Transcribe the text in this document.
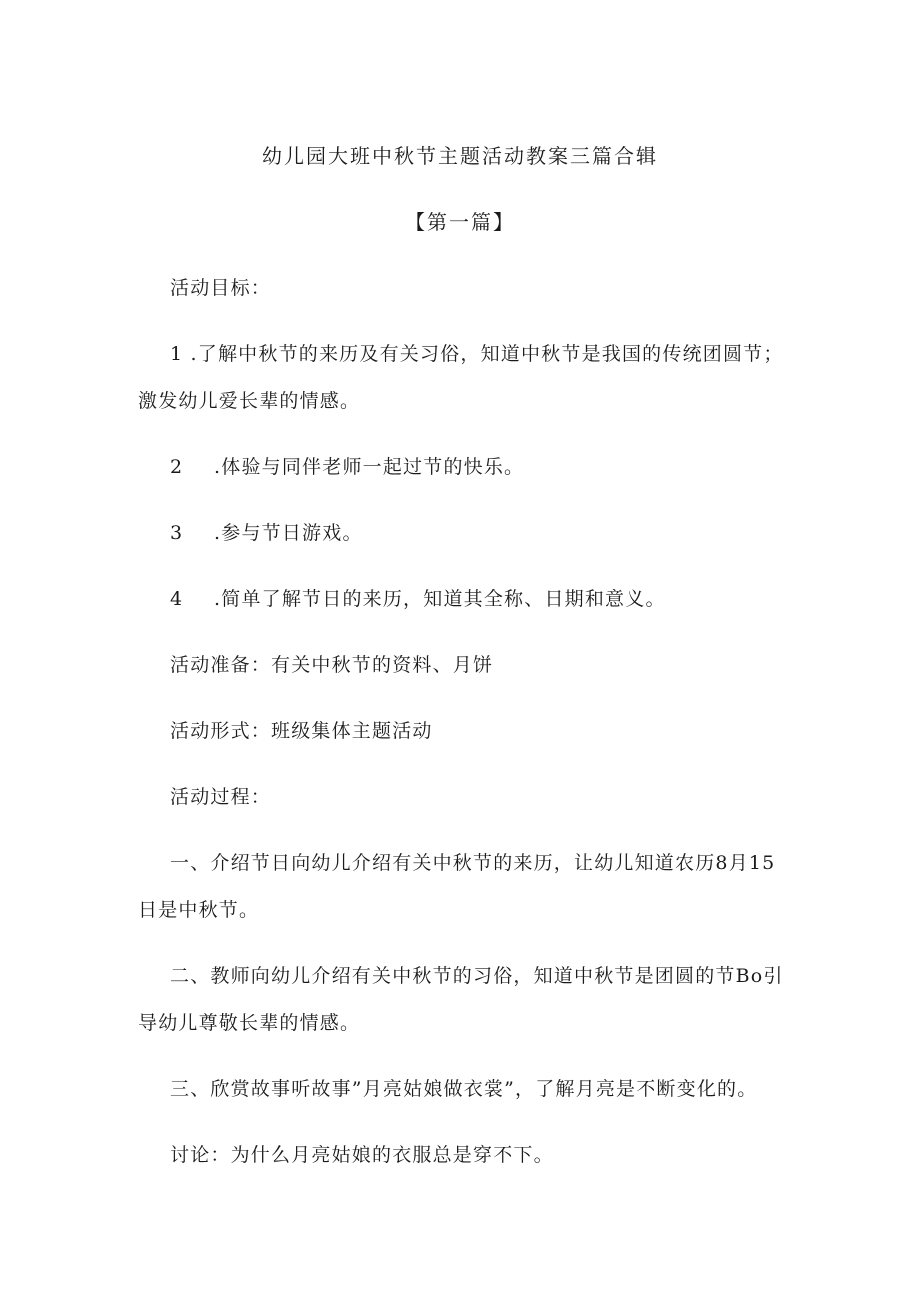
幼儿园大班中秋节主题活动教案三篇合辑
【第一篇】
活动目标：
1 .了解中秋节的来历及有关习俗，知道中秋节是我国的传统团圆节；
激发幼儿爱长辈的情感。
2	.体验与同伴老师一起过节的快乐。
3	.参与节日游戏。
4	.简单了解节日的来历，知道其全称、日期和意义。
活动准备：有关中秋节的资料、月饼
活动形式：班级集体主题活动
活动过程：
一、介绍节日向幼儿介绍有关中秋节的来历，让幼儿知道农历8月15
日是中秋节。
二、教师向幼儿介绍有关中秋节的习俗，知道中秋节是团圆的节Bo引
导幼儿尊敬长辈的情感。
三、欣赏故事听故事”月亮姑娘做衣裳”，了解月亮是不断变化的。
讨论：为什么月亮姑娘的衣服总是穿不下。
